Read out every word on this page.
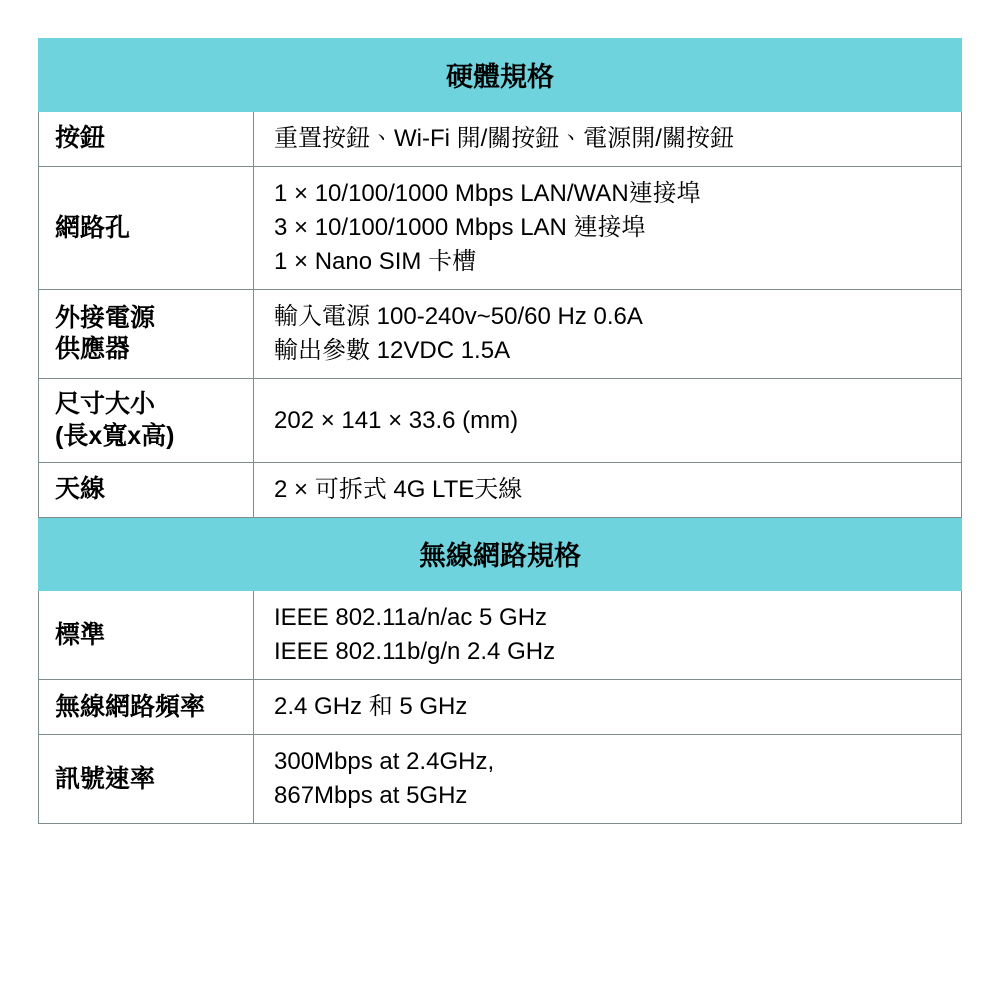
硬體規格	
按鈕	重置按鈕、Wi-Fi 開/關按鈕、電源開/關按鈕

網路孔	1 × 10/100/1000 Mbps LAN/WAN連接埠
3 × 10/100/1000 Mbps LAN 連接埠
1 × Nano SIM 卡槽

外接電源
供應器	輸入電源 100-240v~50/60 Hz 0.6A
輸出參數 12VDC 1.5A

尺寸大小
(長x寬x高)	202 × 141 × 33.6 (mm)

天線	2 × 可拆式 4G LTE天線

無線網路規格	
標準	IEEE 802.11a/n/ac 5 GHz
IEEE 802.11b/g/n 2.4 GHz

無線網路頻率	2.4 GHz 和 5 GHz

訊號速率	300Mbps at 2.4GHz,
867Mbps at 5GHz
